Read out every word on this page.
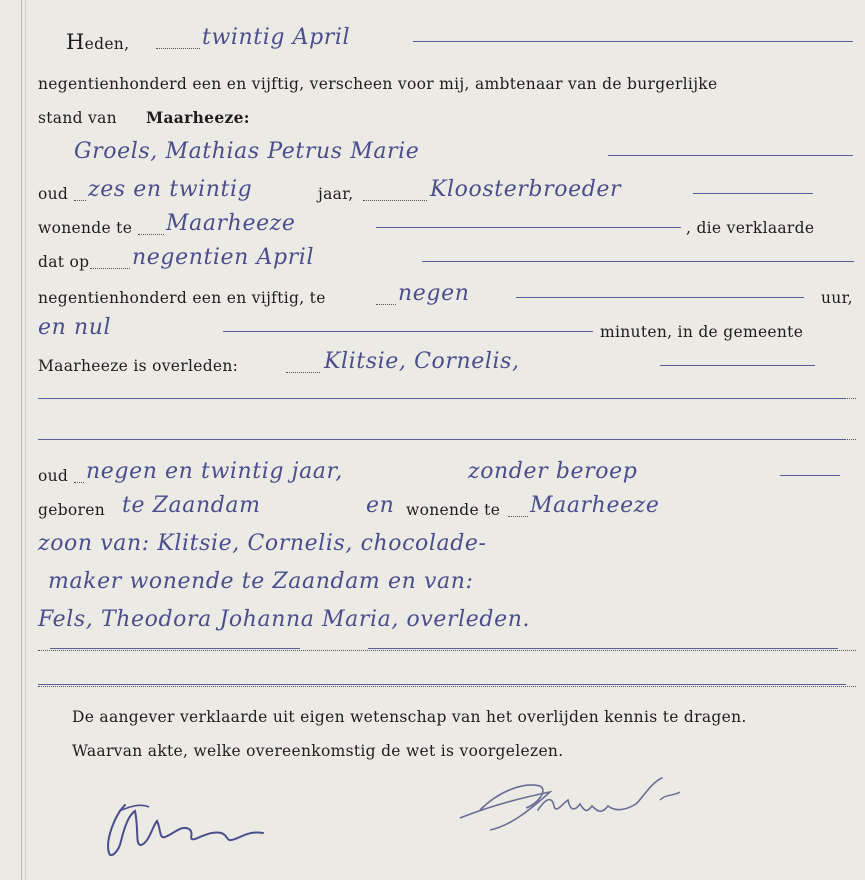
Heden,	twintig April
negentienhonderd een en vijftig, verscheen voor mij, ambtenaar van de burgerlijke
stand van Maarheeze:
Groels, Mathias Petrus Marie
oud zes en twintig	jaar,	Kloosterbroeder
wonende te Maarheeze	, die verklaarde
dat op negentien April
negentienhonderd een en vijftig, te	negen	uur,
en nul	minuten, in de gemeente
Maarheeze is overleden:	Klitsie, Cornelis,
oud negen en twintig jaar,	zonder beroep
geboren te Zaandam	en wonende te Maarheeze
zoon van: Klitsie, Cornelis, chocolade-
maker wonende te Zaandam en van:
Fels, Theodora Johanna Maria, overleden.
De aangever verklaarde uit eigen wetenschap van het overlijden kennis te dragen.
Waarvan akte, welke overeenkomstig de wet is voorgelezen.
